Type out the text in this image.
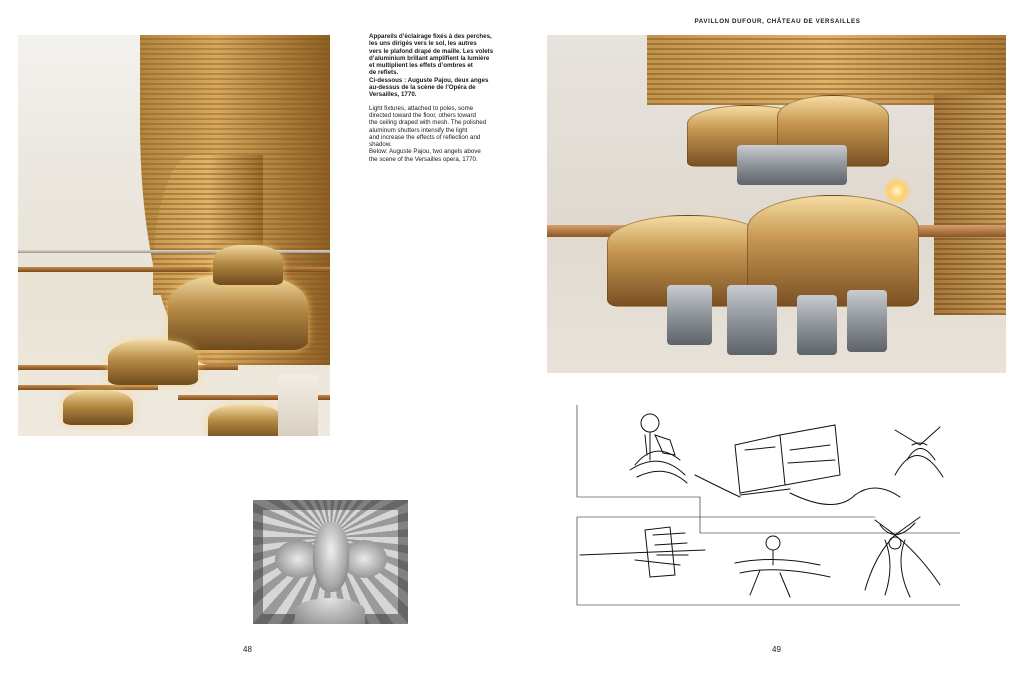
PAVILLON DUFOUR, CHÂTEAU DE VERSAILLES

Appareils d’éclairage fixés à des perches,
les uns dirigés vers le sol, les autres
vers le plafond drapé de maille. Les volets
d’aluminium brillant amplifient la lumière
et multiplient les effets d’ombres et
de reflets.
Ci-dessous : Auguste Pajou, deux anges
au-dessus de la scène de l’Opéra de
Versailles, 1770.

Light fixtures, attached to poles, some
directed toward the floor, others toward
the ceiling draped with mesh. The polished
aluminum shutters intensify the light
and increase the effects of reflection and
shadow.
Below: Auguste Pajou, two angels above
the scene of the Versailles opera, 1770.

48	49
